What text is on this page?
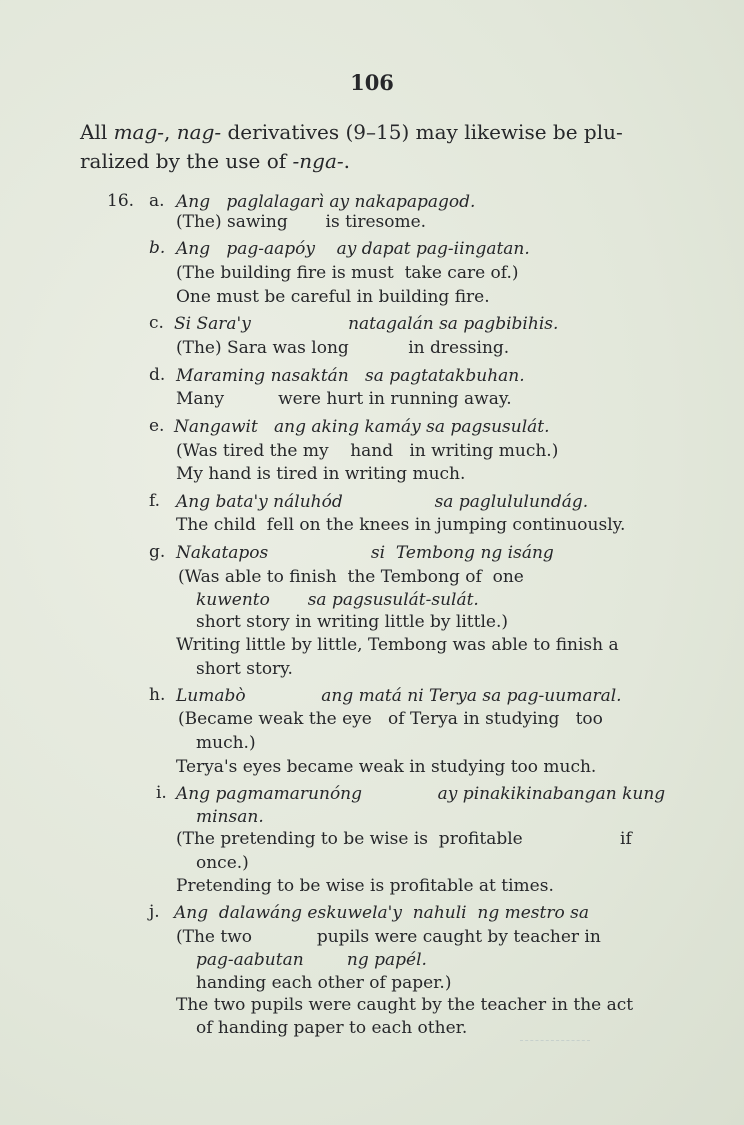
106
All mag-, nag- derivatives (9–15) may likewise be plu-
ralized by the use of -nga-.
16. a. Ang   paglalagarì ay nakapapagod.
(The) sawing       is tiresome.
b. Ang   pag-aapóy    ay dapat pag-iingatan.
(The building fire is must  take care of.)
One must be careful in building fire.
c. Si Sara'y                  natagalán sa pagbibihis.
(The) Sara was long           in dressing.
d. Maraming nasaktán   sa pagtatakbuhan.
Many          were hurt in running away.
e. Nangawit   ang aking kamáy sa pagsusulát.
(Was tired the my    hand   in writing much.)
My hand is tired in writing much.
f. Ang bata'y náluhód                 sa paglululundág.
The child  fell on the knees in jumping continuously.
g. Nakatapos                   si  Tembong ng isáng
(Was able to finish  the Tembong of  one
kuwento       sa pagsusulát-sulát.
short story in writing little by little.)
Writing little by little, Tembong was able to finish a
short story.
h. Lumabò              ang matá ni Terya sa pag-uumaral.
(Became weak the eye   of Terya in studying   too
much.)
Terya's eyes became weak in studying too much.
i. Ang pagmamarunóng              ay pinakikinabangan kung
minsan.
(The pretending to be wise is  profitable                  if
once.)
Pretending to be wise is profitable at times.
j. Ang  dalawáng eskuwela'y  nahuli  ng mestro sa
(The two            pupils were caught by teacher in
pag-aabutan        ng papél.
handing each other of paper.)
The two pupils were caught by the teacher in the act
of handing paper to each other.
